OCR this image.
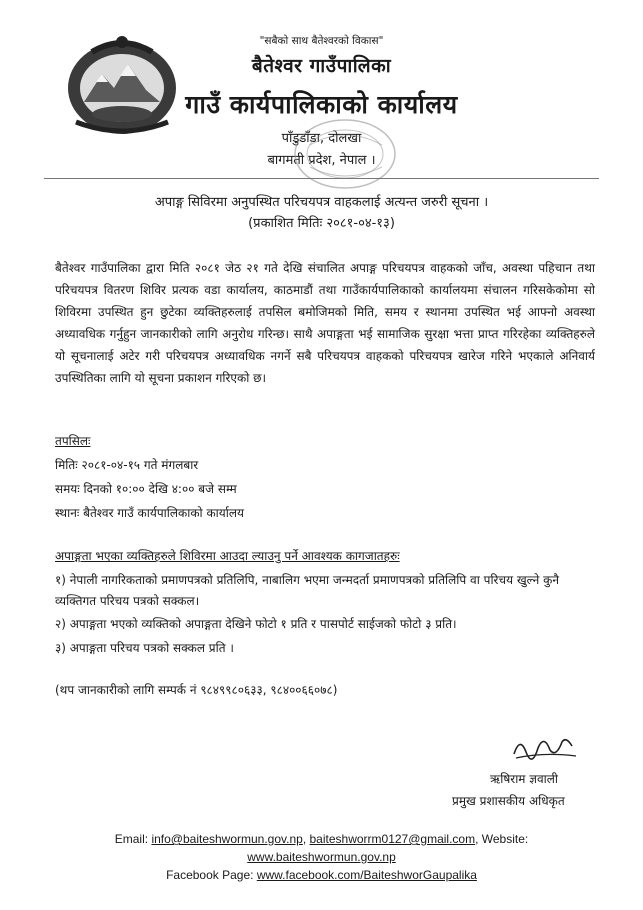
"सबैको साथ बैतेश्वरको विकास"
बैतेश्वर गाउँपालिका
गाउँ कार्यपालिकाको कार्यालय
पाँडुडाँडा, दोलखा
बागमती प्रदेश, नेपाल ।
अपाङ्ग सिविरमा अनुपस्थित परिचयपत्र वाहकलाई अत्यन्त जरुरी सूचना ।
(प्रकाशित मितिः २०८१-०४-१३)

बैतेश्वर गाउँपालिका द्वारा मिति २०८१ जेठ २१ गते देखि संचालित अपाङ्ग परिचयपत्र वाहकको जाँच, अवस्था पहिचान तथा परिचयपत्र वितरण शिविर प्रत्यक वडा कार्यालय, काठमाडौं तथा गाउँकार्यपालिकाको कार्यालयमा संचालन गरिसकेकोमा सो शिविरमा उपस्थित हुन छुटेका व्यक्तिहरुलाई तपसिल बमोजिमको मिति, समय र स्थानमा उपस्थित भई आफ्नो अवस्था अध्यावधिक गर्नुहुन जानकारीको लागि अनुरोध गरिन्छ। साथै अपाङ्गता भई सामाजिक सुरक्षा भत्ता प्राप्त गरिरहेका व्यक्तिहरुले यो सूचनालाई अटेर गरी परिचयपत्र अध्यावधिक नगर्ने सबै परिचयपत्र वाहकको परिचयपत्र खारेज गरिने भएकाले अनिवार्य उपस्थितिका लागि यो सूचना प्रकाशन गरिएको छ।

तपसिलः
मितिः २०८१-०४-१५ गते मंगलबार
समयः दिनको १०:०० देखि ४:०० बजे सम्म
स्थानः बैतेश्वर गाउँ कार्यपालिकाको कार्यालय
अपाङ्गता भएका व्यक्तिहरुले शिविरमा आउदा ल्याउनु पर्ने आवश्यक कागजातहरुः

१) नेपाली नागरिकताको प्रमाणपत्रको प्रतिलिपि, नाबालिग भएमा जन्मदर्ता प्रमाणपत्रको प्रतिलिपि वा परिचय खुल्ने कुनै व्यक्तिगत परिचय पत्रको सक्कल।

२) अपाङ्गता भएको व्यक्तिको अपाङ्गता देखिने फोटो १ प्रति र पासपोर्ट साईजको फोटो ३ प्रति।

३) अपाङ्गता परिचय पत्रको सक्कल प्रति ।

(थप जानकारीको लागि सम्पर्क नं ९८४९९८०६३३, ९८४००६६०७८)
ऋषिराम ज्ञवाली
प्रमुख प्रशासकीय अधिकृत
Email: info@baiteshwormun.gov.np, baiteshworrm0127@gmail.com, Website:
www.baiteshwormun.gov.np
Facebook Page: www.facebook.com/BaiteshworGaupalika
